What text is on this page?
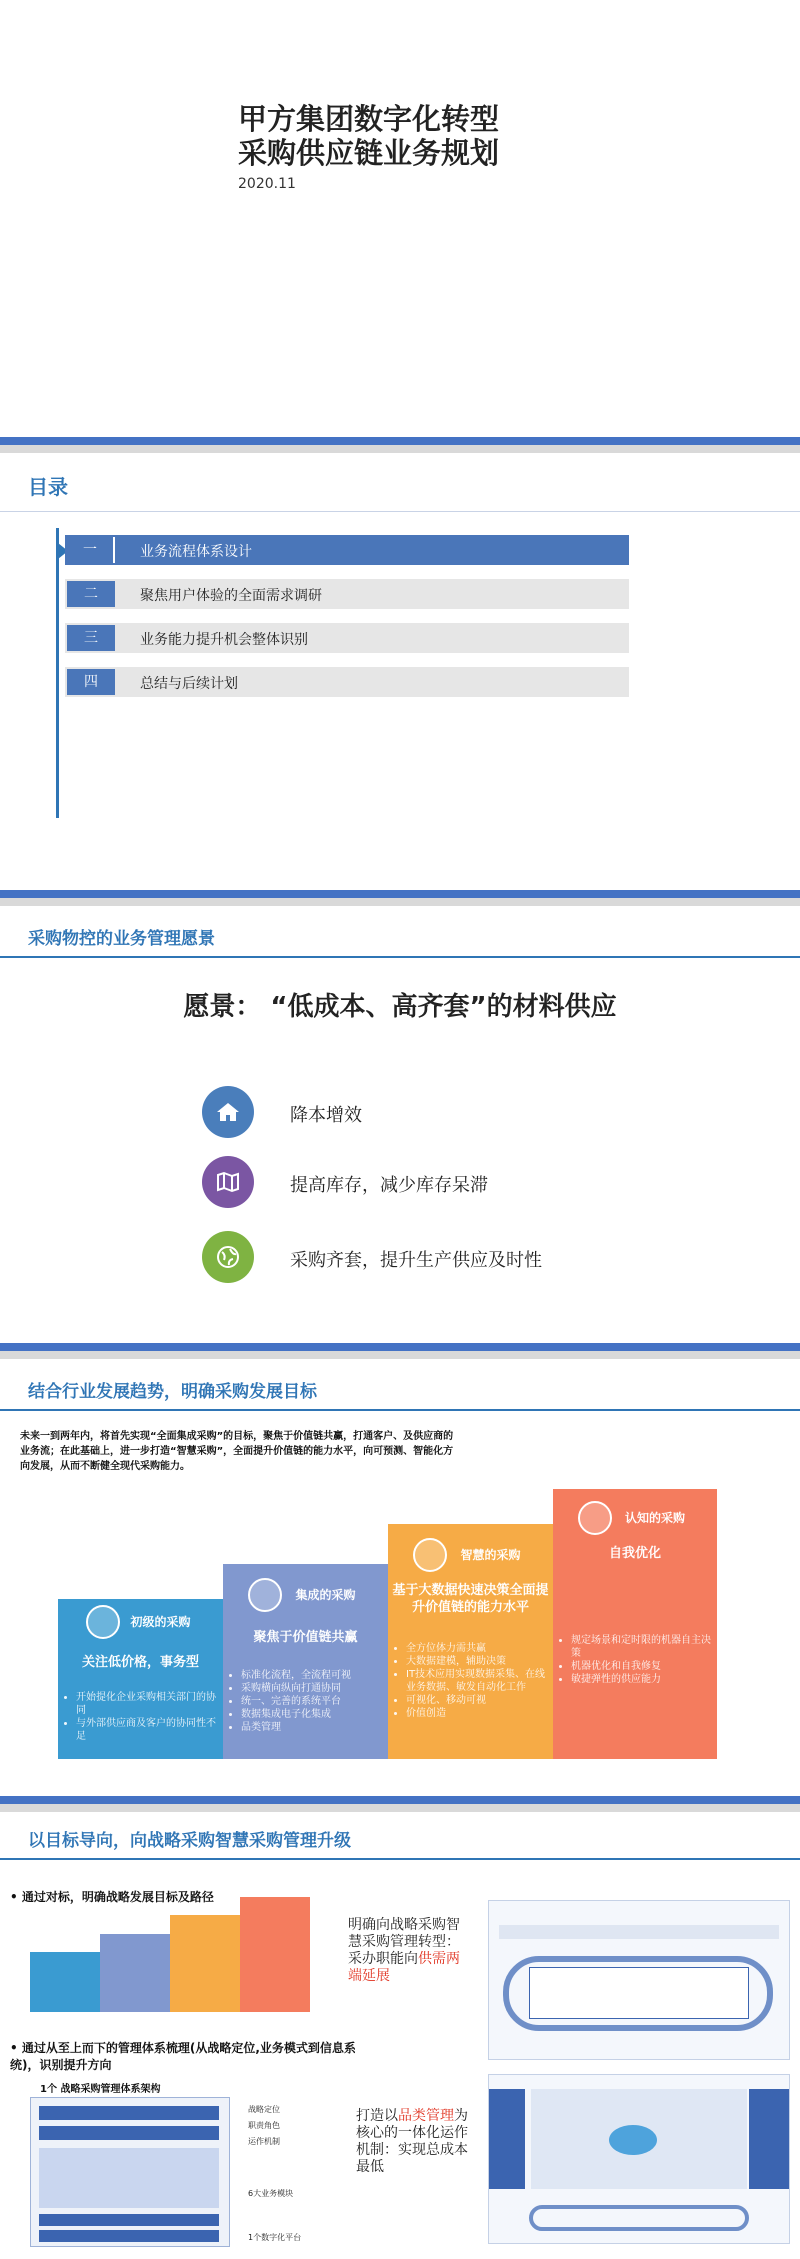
甲方集团数字化转型
采购供应链业务规划
2020.11
目录
一	业务流程体系设计
二	聚焦用户体验的全面需求调研
三	业务能力提升机会整体识别
四	总结与后续计划
采购物控的业务管理愿景
愿景： “低成本、高齐套”的材料供应
降本增效
提高库存，减少库存呆滞
采购齐套，提升生产供应及时性
结合行业发展趋势，明确采购发展目标
未来一到两年内，将首先实现“全面集成采购”的目标，聚焦于价值链共赢，打通客户、及供应商的业务流；在此基础上，进一步打造“智慧采购”，全面提升价值链的能力水平，向可预测、智能化方向发展，从而不断健全现代采购能力。
初级的采购
关注低价格，事务型
• 开始提化企业采购相关部门的协同
• 与外部供应商及客户的协同性不足
集成的采购
聚焦于价值链共赢
• 标准化流程，全流程可视
• 采购横向纵向打通协同
• 统一、完善的系统平台
• 数据集成电子化集成
• 品类管理
智慧的采购
基于大数据快速决策全面提升价值链的能力水平
• 全方位体力需共赢
• 大数据建模，辅助决策
• IT技术应用实现数据采集、在线业务数据、敏发自动化工作
• 可视化、移动可视
• 价值创造
认知的采购
自我优化
• 规定场景和定时限的机器自主决策
• 机器优化和自我修复
• 敏捷弹性的供应能力
以目标导向，向战略采购智慧采购管理升级
• 通过对标，明确战略发展目标及路径
明确向战略采购智慧采购管理转型：采办职能向供需两端延展
• 通过从至上而下的管理体系梳理(从战略定位,业务模式到信息系统)，识别提升方向
1个 战略采购管理体系架构
战略定位
职责角色
运作机制
6大业务模块
1个数字化平台
打造以品类管理为核心的一体化运作机制：实现总成本最低
